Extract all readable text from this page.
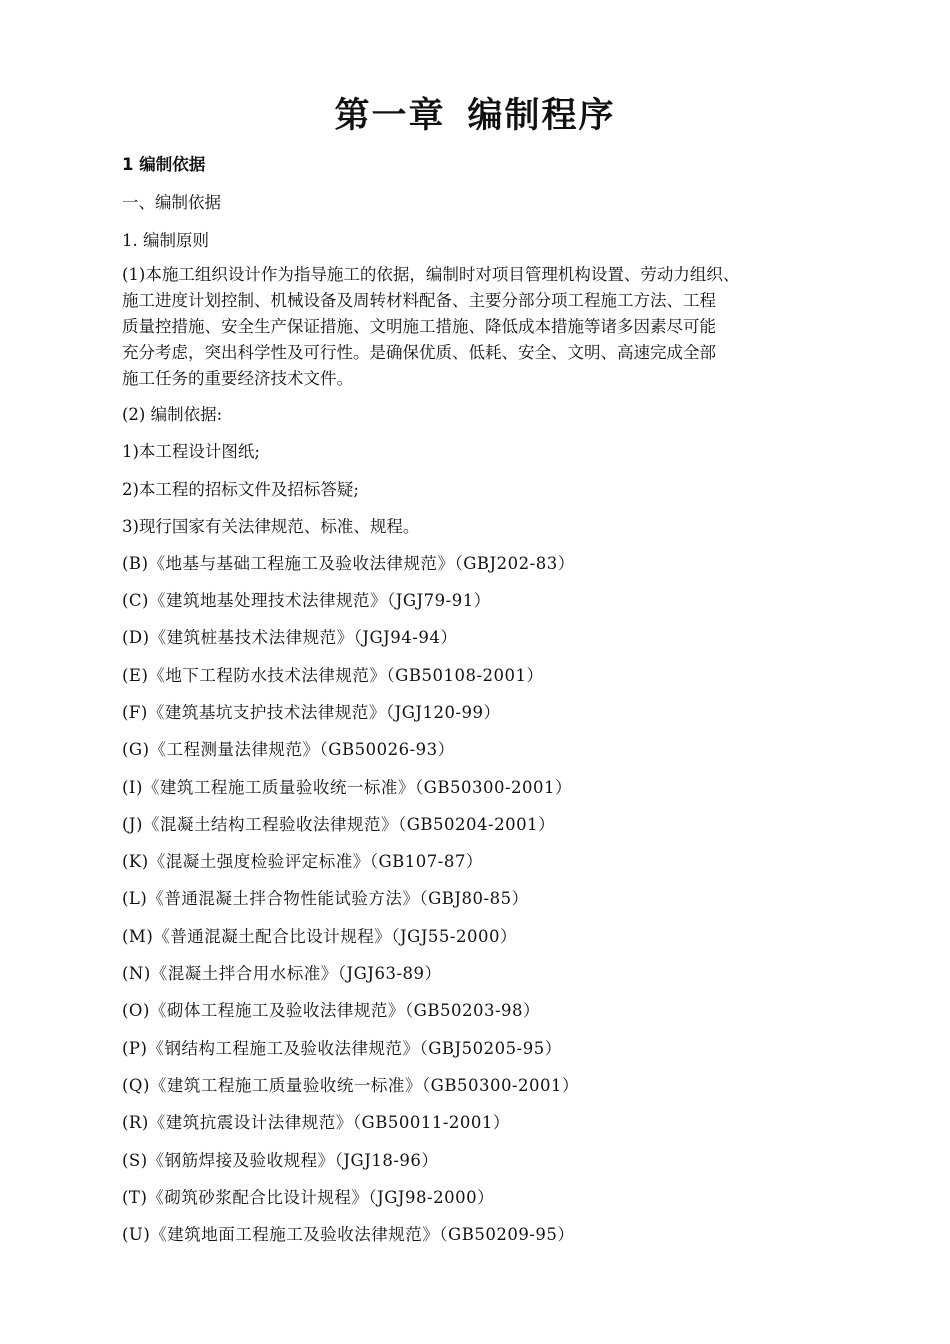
第一章 编制程序
1 编制依据
一、编制依据
1. 编制原则
(1)本施工组织设计作为指导施工的依据，编制时对项目管理机构设置、劳动力组织、
施工进度计划控制、机械设备及周转材料配备、主要分部分项工程施工方法、工程
质量控措施、安全生产保证措施、文明施工措施、降低成本措施等诸多因素尽可能
充分考虑，突出科学性及可行性。是确保优质、低耗、安全、文明、高速完成全部
施工任务的重要经济技术文件。
(2) 编制依据:
1)本工程设计图纸;
2)本工程的招标文件及招标答疑;
3)现行国家有关法律规范、标准、规程。
(B)《地基与基础工程施工及验收法律规范》（GBJ202-83）
(C)《建筑地基处理技术法律规范》（JGJ79-91）
(D)《建筑桩基技术法律规范》（JGJ94-94）
(E)《地下工程防水技术法律规范》（GB50108-2001）
(F)《建筑基坑支护技术法律规范》（JGJ120-99）
(G)《工程测量法律规范》（GB50026-93）
(I)《建筑工程施工质量验收统一标准》（GB50300-2001）
(J)《混凝土结构工程验收法律规范》（GB50204-2001）
(K)《混凝土强度检验评定标准》（GB107-87）
(L)《普通混凝土拌合物性能试验方法》（GBJ80-85）
(M)《普通混凝土配合比设计规程》（JGJ55-2000）
(N)《混凝土拌合用水标准》（JGJ63-89）
(O)《砌体工程施工及验收法律规范》（GB50203-98）
(P)《钢结构工程施工及验收法律规范》（GBJ50205-95）
(Q)《建筑工程施工质量验收统一标准》（GB50300-2001）
(R)《建筑抗震设计法律规范》（GB50011-2001）
(S)《钢筋焊接及验收规程》（JGJ18-96）
(T)《砌筑砂浆配合比设计规程》（JGJ98-2000）
(U)《建筑地面工程施工及验收法律规范》（GB50209-95）
